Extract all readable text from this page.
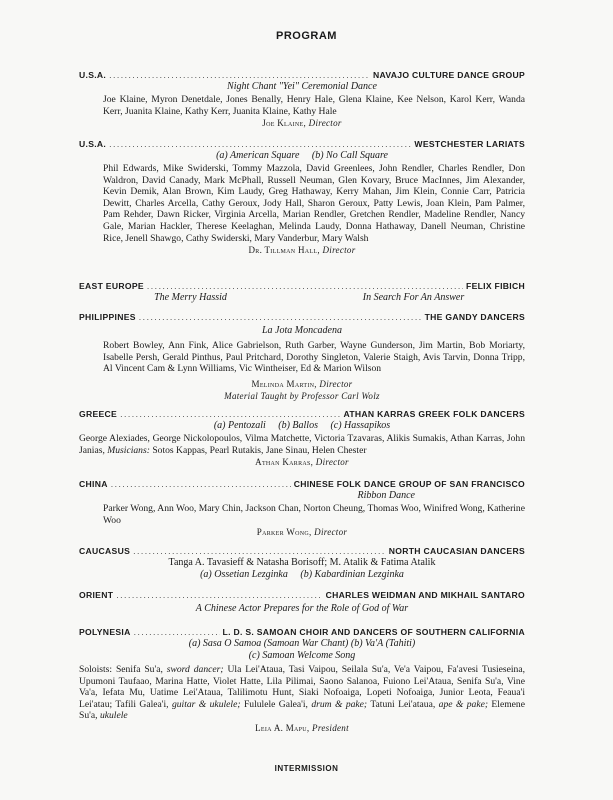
PROGRAM
U.S.A. .....	NAVAJO CULTURE DANCE GROUP
Night Chant "Yei" Ceremonial Dance
Joe Klaine, Myron Denetdale, Jones Benally, Henry Hale, Glena Klaine, Kee Nelson, Karol Kerr, Wanda Kerr, Juanita Klaine, Kathy Kerr, Juanita Klaine, Kathy Hale
Joe Klaine, Director
U.S.A. .....	WESTCHESTER LARIATS
(a) American Square     (b) No Call Square
Phil Edwards, Mike Swiderski, Tommy Mazzola, David Greenlees, John Rendler, Charles Rendler, Don Waldron, David Canady, Mark McPhall, Russell Neuman, Glen Kovary, Bruce MacInnes, Jim Alexander, Kevin Demik, Alan Brown, Kim Laudy, Greg Hathaway, Kerry Mahan, Jim Klein, Connie Carr, Patricia Dewitt, Charles Arcella, Cathy Geroux, Jody Hall, Sharon Geroux, Patty Lewis, Joan Klein, Pam Palmer, Pam Rehder, Dawn Ricker, Virginia Arcella, Marian Rendler, Gretchen Rendler, Madeline Rendler, Nancy Gale, Marian Hackler, Therese Keelaghan, Melinda Laudy, Donna Hathaway, Danell Neuman, Christine Rice, Jenell Shawgo, Cathy Swiderski, Mary Vanderbur, Mary Walsh
Dr. Tillman Hall, Director
EAST EUROPE .....	FELIX FIBICH
The Merry Hassid	In Search For An Answer
PHILIPPINES .....	THE GANDY DANCERS
La Jota Moncadena
Robert Bowley, Ann Fink, Alice Gabrielson, Ruth Garber, Wayne Gunderson, Jim Martin, Bob Moriarty, Isabelle Persh, Gerald Pinthus, Paul Pritchard, Dorothy Singleton, Valerie Staigh, Avis Tarvin, Donna Tripp, Al Vincent Cam & Lynn Williams, Vic Wintheiser, Ed & Marion Wilson
Melinda Martin, Director
Material Taught by Professor Carl Wolz
GREECE .....	ATHAN KARRAS GREEK FOLK DANCERS
(a) Pentozali     (b) Ballos     (c) Hassapikos
George Alexiades, George Nickolopoulos, Vilma Matchette, Victoria Tzavaras, Alikis Sumakis, Athan Karras, John Janias, Musicians: Sotos Kappas, Pearl Rutakis, Jane Sinau, Helen Chester
Athan Karras, Director
CHINA .....	CHINESE FOLK DANCE GROUP OF SAN FRANCISCO
Ribbon Dance
Parker Wong, Ann Woo, Mary Chin, Jackson Chan, Norton Cheung, Thomas Woo, Winifred Wong, Katherine Woo
Parker Wong, Director
CAUCASUS .....	NORTH CAUCASIAN DANCERS
Tanga A. Tavasieff & Natasha Borisoff; M. Atalik & Fatima Atalik
(a) Ossetian Lezginka     (b) Kabardinian Lezginka
ORIENT .....	CHARLES WEIDMAN AND MIKHAIL SANTARO
A Chinese Actor Prepares for the Role of God of War
POLYNESIA .....	L. D. S. SAMOAN CHOIR AND DANCERS OF SOUTHERN CALIFORNIA
(a) Sasa O Samoa (Samoan War Chant) (b) Va'A (Tahiti)
(c) Samoan Welcome Song
Soloists: Senifa Su'a, sword dancer; Ula Lei'Ataua, Tasi Vaipou, Seilala Su'a, Ve'a Vaipou, Fa'avesi Tusieseina, Upumoni Taufaao, Marina Hatte, Violet Hatte, Lila Pilimai, Saono Salanoa, Fuiono Lei'Ataua, Senifa Su'a, Vine Va'a, Iefata Mu, Uatime Lei'Ataua, Talilimotu Hunt, Siaki Nofoaiga, Lopeti Nofoaiga, Junior Leota, Feaua'i Lei'atau; Tafili Galea'i, guitar & ukulele; Fululele Galea'i, drum & pake; Tatuni Lei'ataua, ape & pake; Elemene Su'a, ukulele
Leia A. Mapu, President
INTERMISSION
